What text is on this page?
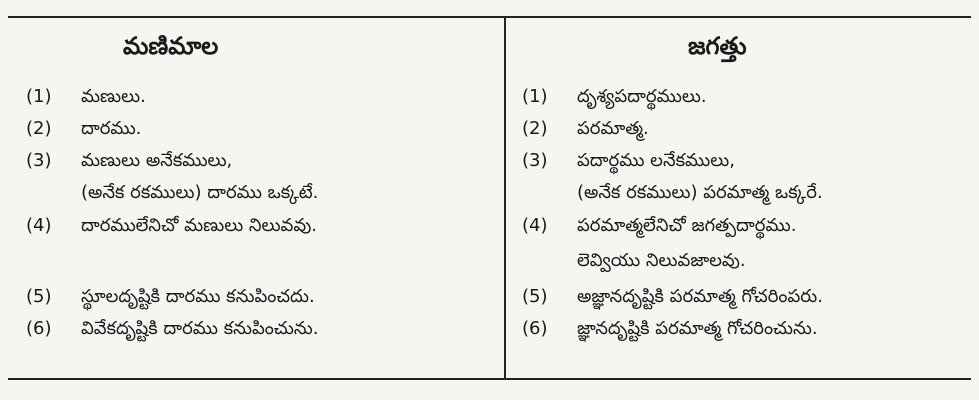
మణిమాల
(1) మణులు.
(2) దారము.
(3) మణులు అనేకములు,
(అనేక రకములు) దారము ఒక్కటే.
(4) దారములేనిచో మణులు నిలువవు.
(5) స్థూలదృష్టికి దారము కనుపించదు.
(6) వివేకదృష్టికి దారము కనుపించును.
జగత్తు
(1) దృశ్యపదార్థములు.
(2) పరమాత్మ.
(3) పదార్థము లనేకములు,
(అనేక రకములు) పరమాత్మ ఒక్కరే.
(4) పరమాత్మలేనిచో జగత్పదార్థము.
లెవ్వియు నిలువజాలవు.
(5) అజ్ఞానదృష్టికి పరమాత్మ గోచరింపరు.
(6) జ్ఞానదృష్టికి పరమాత్మ గోచరించును.
